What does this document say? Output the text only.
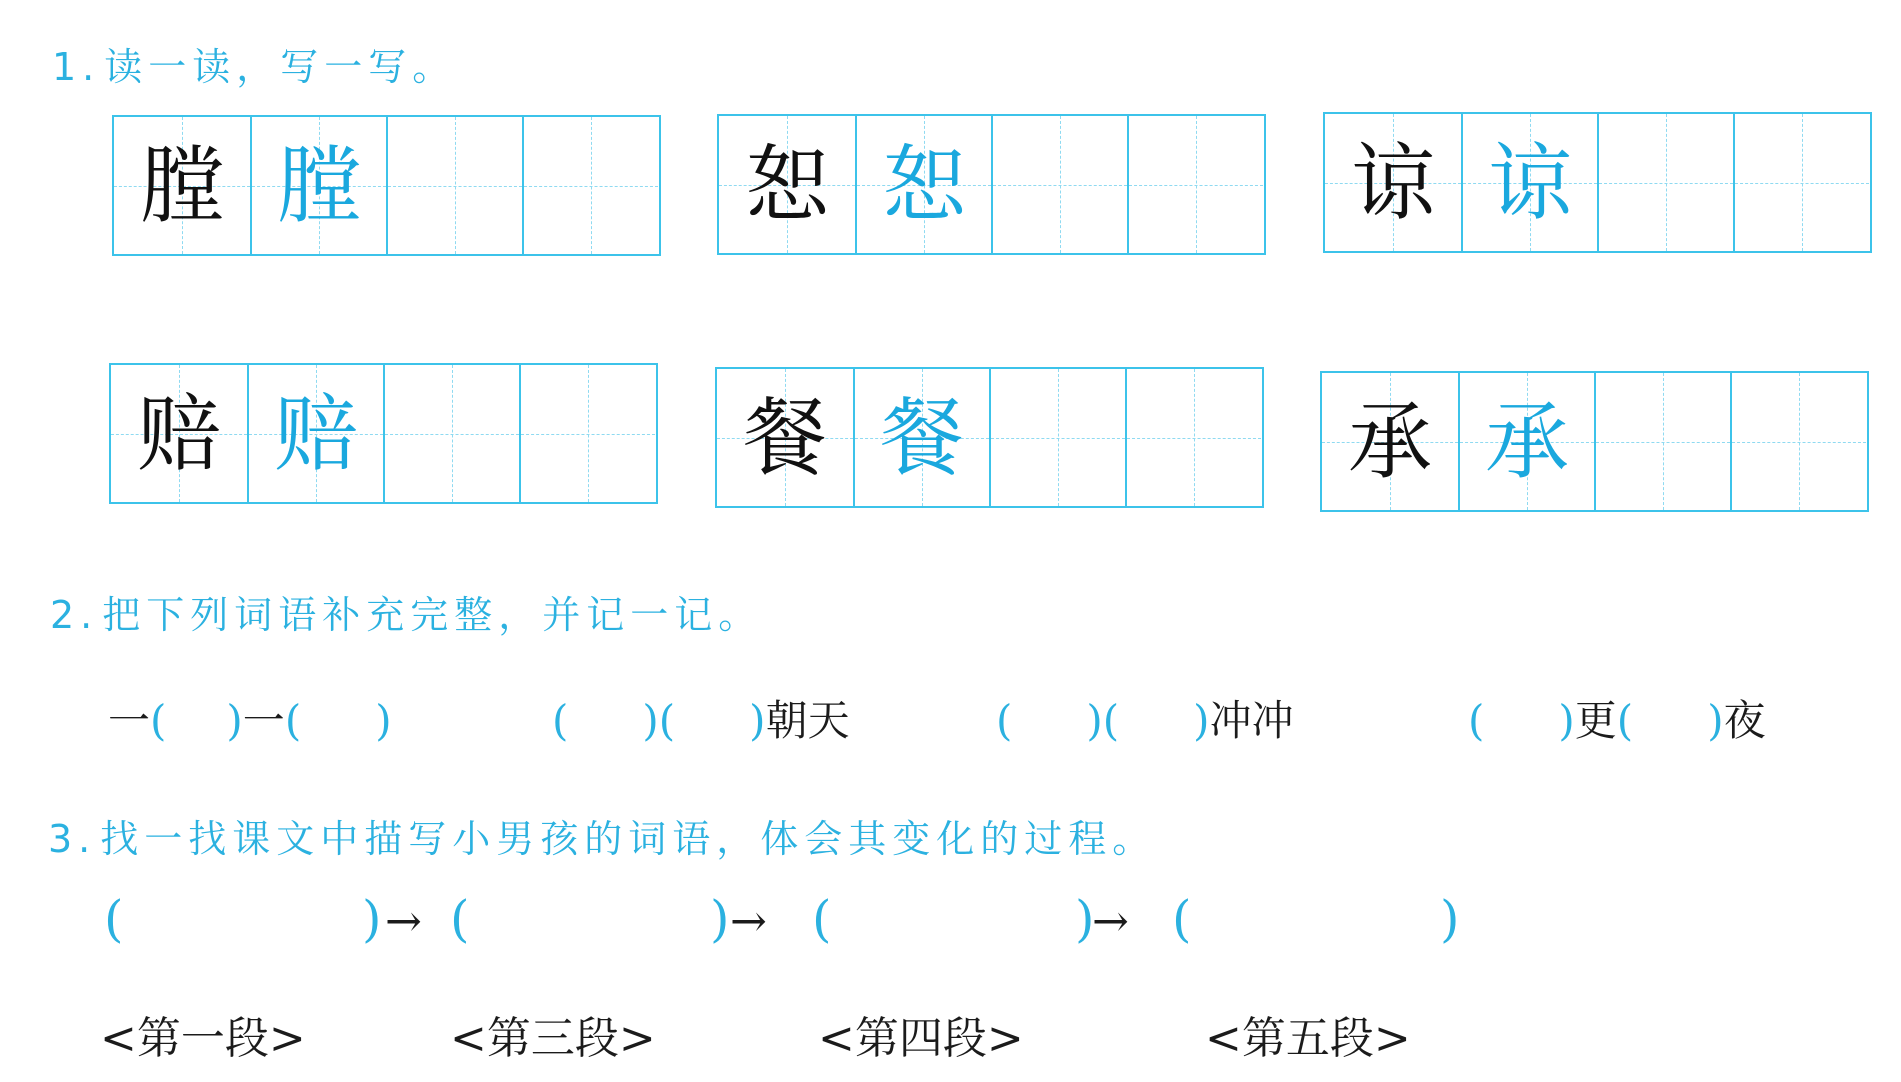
1. 读一读，写一写。
膛 膛	恕 恕	谅 谅
赔 赔	餐 餐	承 承
2. 把下列词语补充完整，并记一记。
一( )一( )	( )( )朝天	( )( )冲冲	( )更( )夜
3. 找一找课文中描写小男孩的词语，体会其变化的过程。
(	) → (	) → (	)
→ (	)
<第一段>	<第三段>	<第四段>	<第五段>
